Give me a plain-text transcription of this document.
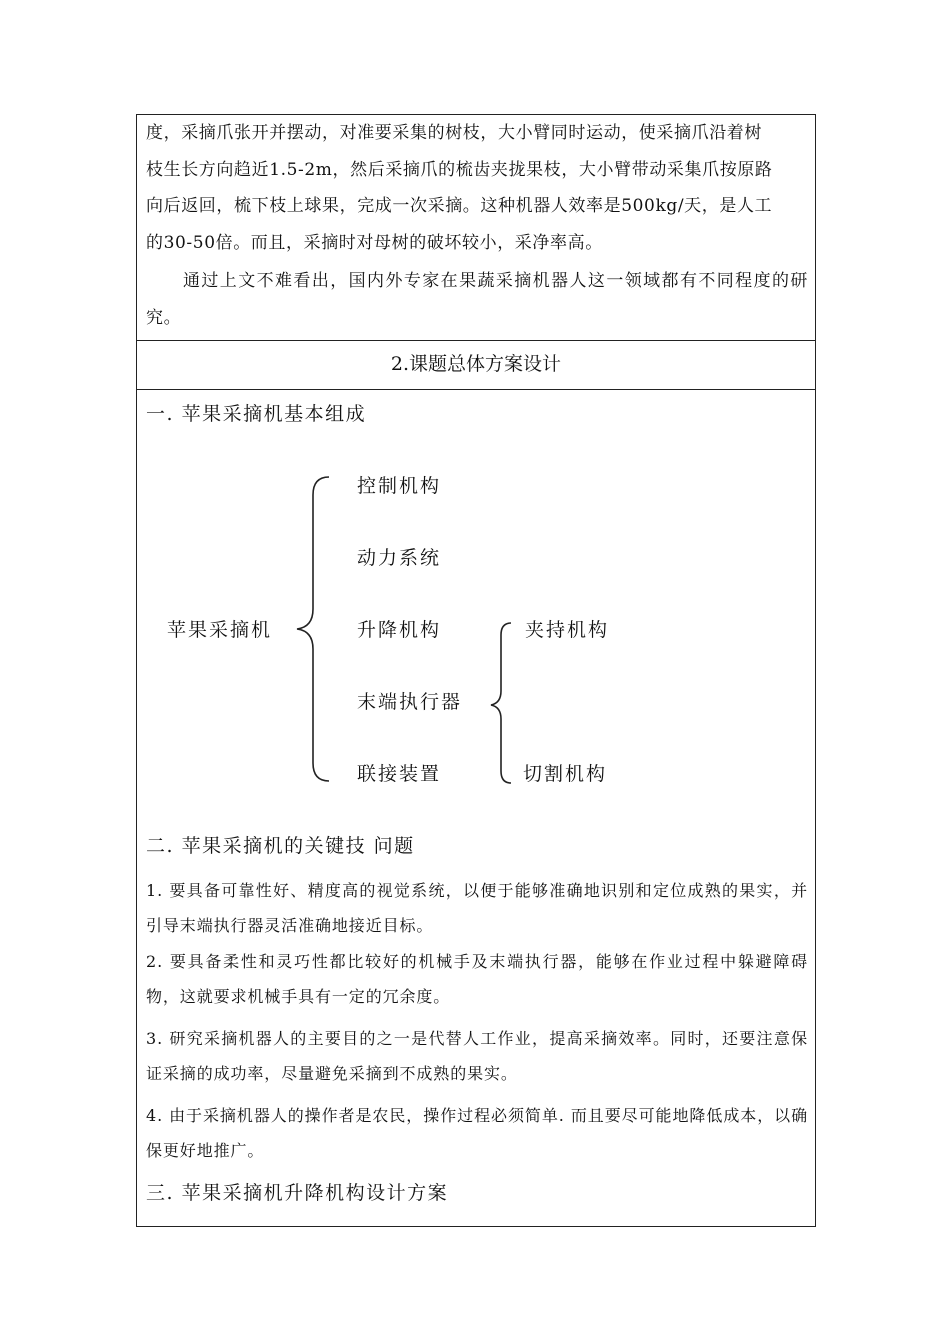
度，采摘爪张开并摆动，对准要采集的树枝，大小臂同时运动，使采摘爪沿着树
枝生长方向趋近1.5-2m，然后采摘爪的梳齿夹拢果枝，大小臂带动采集爪按原路
向后返回，梳下枝上球果，完成一次采摘。这种机器人效率是500kg/天，是人工
的30-50倍。而且，采摘时对母树的破坏较小，采净率高。

通过上文不难看出，国内外专家在果蔬采摘机器人这一领域都有不同程度的研究。

2.课题总体方案设计
一. 苹果采摘机基本组成
苹果采摘机
控制机构
动力系统
升降机构
末端执行器
联接装置
夹持机构
切割机构
二. 苹果采摘机的关键技 问题

1. 要具备可靠性好、精度高的视觉系统，以便于能够准确地识别和定位成熟的果实，并引导末端执行器灵活准确地接近目标。

2. 要具备柔性和灵巧性都比较好的机械手及末端执行器，能够在作业过程中躲避障碍物，这就要求机械手具有一定的冗余度。

3. 研究采摘机器人的主要目的之一是代替人工作业，提高采摘效率。同时，还要注意保证采摘的成功率，尽量避免采摘到不成熟的果实。

4. 由于采摘机器人的操作者是农民，操作过程必须简单. 而且要尽可能地降低成本，以确保更好地推广。

三. 苹果采摘机升降机构设计方案
